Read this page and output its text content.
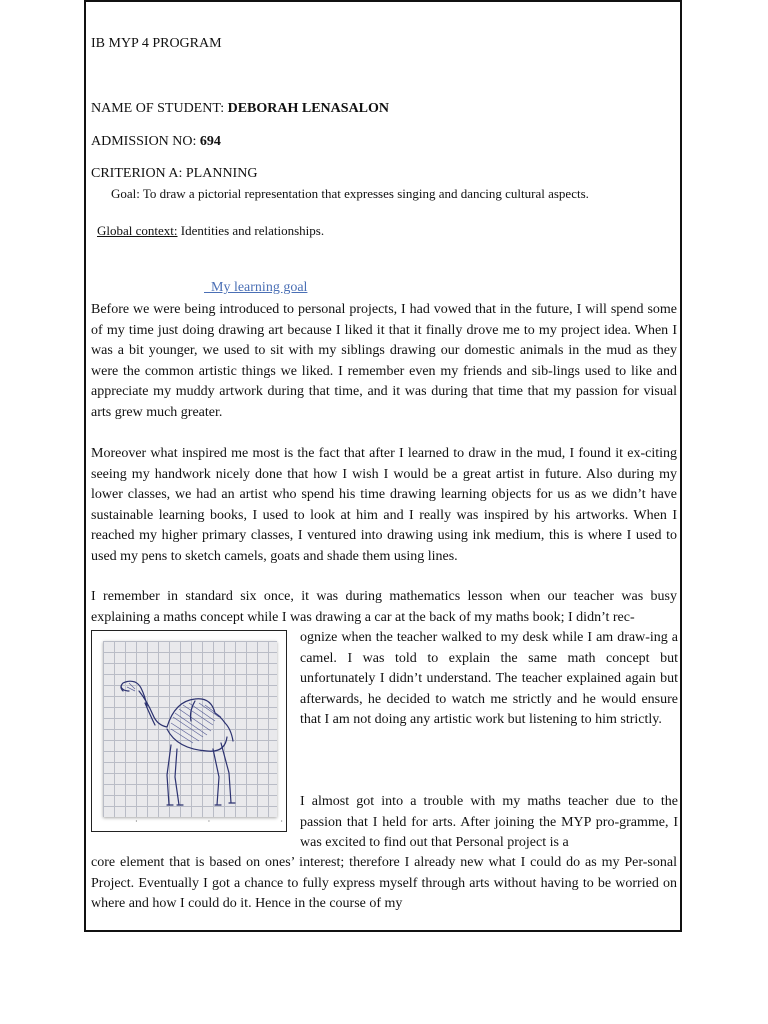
IB MYP 4 PROGRAM
NAME OF STUDENT: DEBORAH LENASALON
ADMISSION NO: 694
CRITERION A: PLANNING
Goal: To draw a pictorial representation that expresses singing and dancing cultural aspects.
Global context: Identities and relationships.
My learning goal
Before we were being introduced to personal projects, I had vowed that in the future, I will spend some of my time just doing drawing art because I liked it that it finally drove me to my project idea. When I was a bit younger, we used to sit with my siblings drawing our domestic animals in the mud as they were the common artistic things we liked. I remember even my friends and sib-lings used to like and appreciate my muddy artwork during that time, and it was during that time that my passion for visual arts grew much greater.
Moreover what inspired me most is the fact that after I learned to draw in the mud, I found it ex-citing seeing my handwork nicely done that how I wish I would be a great artist in future. Also during my lower classes, we had an artist who spend his time drawing learning objects for us as we didn’t have sustainable learning books, I used to look at him and I really was inspired by his artworks. When I reached my higher primary classes, I ventured into drawing using ink medium, this is where I used to used my pens to sketch camels, goats and shade them using lines.
I remember in standard six once, it was during mathematics lesson when our teacher was busy explaining a maths concept while I was drawing a car at the back of my maths book; I didn’t rec-
· · ·
ognize when the teacher walked to my desk while I am draw-ing a camel. I was told to explain the same math concept but unfortunately I didn’t understand. The teacher explained again but afterwards, he decided to watch me strictly and he would ensure that I am not doing any artistic work but listening to him strictly.
I almost got into a trouble with my maths teacher due to the passion that I held for arts. After joining the MYP pro-gramme, I was excited to find out that Personal project is a
core element that is based on ones’ interest; therefore I already new what I could do as my Per-sonal Project. Eventually I got a chance to fully express myself through arts without having to be worried on where and how I could do it. Hence in the course of my
